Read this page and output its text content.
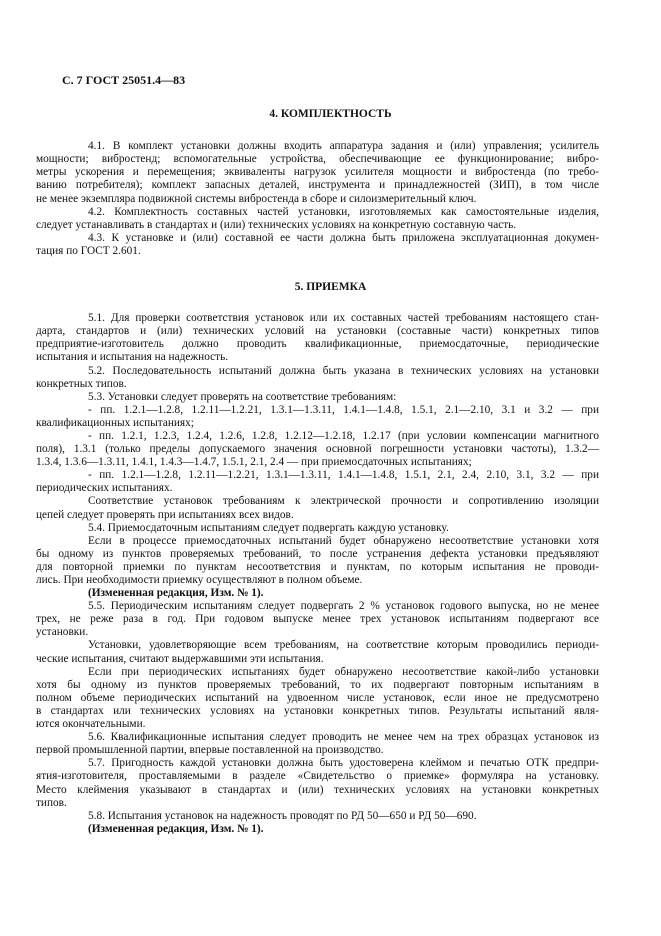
С. 7 ГОСТ 25051.4—83
4. КОМПЛЕКТНОСТЬ

4.1. В комплект установки должны входить аппаратура задания и (или) управления; усилитель
мощности; вибростенд; вспомогательные устройства, обеспечивающие ее функционирование; вибро-
метры ускорения и перемещения; эквиваленты нагрузок усилителя мощности и вибростенда (по требо-
ванию потребителя); комплект запасных деталей, инструмента и принадлежностей (ЗИП), в том числе
не менее экземпляра подвижной системы вибростенда в сборе и силоизмерительный ключ.

4.2. Комплектность составных частей установки, изготовляемых как самостоятельные изделия,
следует устанавливать в стандартах и (или) технических условиях на конкретную составную часть.

4.3. К установке и (или) составной ее части должна быть приложена эксплуатационная докумен-
тация по ГОСТ 2.601.

5. ПРИЕМКА

5.1. Для проверки соответствия установок или их составных частей требованиям настоящего стан-
дарта, стандартов и (или) технических условий на установки (составные части) конкретных типов
предприятие-изготовитель должно проводить квалификационные, приемосдаточные, периодические
испытания и испытания на надежность.

5.2. Последовательность испытаний должна быть указана в технических условиях на установки
конкретных типов.

5.3. Установки следует проверять на соответствие требованиям:

- пп. 1.2.1—1.2.8, 1.2.11—1.2.21, 1.3.1—1.3.11, 1.4.1—1.4.8, 1.5.1, 2.1—2.10, 3.1 и 3.2 — при
квалификационных испытаниях;

- пп. 1.2.1, 1.2.3, 1.2.4, 1.2.6, 1.2.8, 1.2.12—1.2.18, 1.2.17 (при условии компенсации магнитного
поля), 1.3.1 (только пределы допускаемого значения основной погрешности установки частоты), 1.3.2—
1.3.4, 1.3.6—1.3.11, 1.4.1, 1.4.3—1.4.7, 1.5.1, 2.1, 2.4 — при приемосдаточных испытаниях;

- пп. 1.2.1—1.2.8, 1.2.11—1.2.21, 1.3.1—1.3.11, 1.4.1—1.4.8, 1.5.1, 2.1, 2.4, 2.10, 3.1, 3.2 — при
периодических испытаниях.

Соответствие установок требованиям к электрической прочности и сопротивлению изоляции
цепей следует проверять при испытаниях всех видов.

5.4. Приемосдаточным испытаниям следует подвергать каждую установку.

Если в процессе приемосдаточных испытаний будет обнаружено несоответствие установки хотя
бы одному из пунктов проверяемых требований, то после устранения дефекта установки предъявляют
для повторной приемки по пунктам несоответствия и пунктам, по которым испытания не проводи-
лись. При необходимости приемку осуществляют в полном объеме.

(Измененная редакция, Изм. № 1).

5.5. Периодическим испытаниям следует подвергать 2 % установок годового выпуска, но не менее
трех, не реже раза в год. При годовом выпуске менее трех установок испытаниям подвергают все
установки.

Установки, удовлетворяющие всем требованиям, на соответствие которым проводились периоди-
ческие испытания, считают выдержавшими эти испытания.

Если при периодических испытаниях будет обнаружено несоответствие какой-либо установки
хотя бы одному из пунктов проверяемых требований, то их подвергают повторным испытаниям в
полном объеме периодических испытаний на удвоенном числе установок, если иное не предусмотрено
в стандартах или технических условиях на установки конкретных типов. Результаты испытаний явля-
ются окончательными.

5.6. Квалификационные испытания следует проводить не менее чем на трех образцах установок из
первой промышленной партии, впервые поставленной на производство.

5.7. Пригодность каждой установки должна быть удостоверена клеймом и печатью ОТК предпри-
ятия-изготовителя, проставляемыми в разделе «Свидетельство о приемке» формуляра на установку.
Место клеймения указывают в стандартах и (или) технических условиях на установки конкретных
типов.

5.8. Испытания установок на надежность проводят по РД 50—650 и РД 50—690.

(Измененная редакция, Изм. № 1).
